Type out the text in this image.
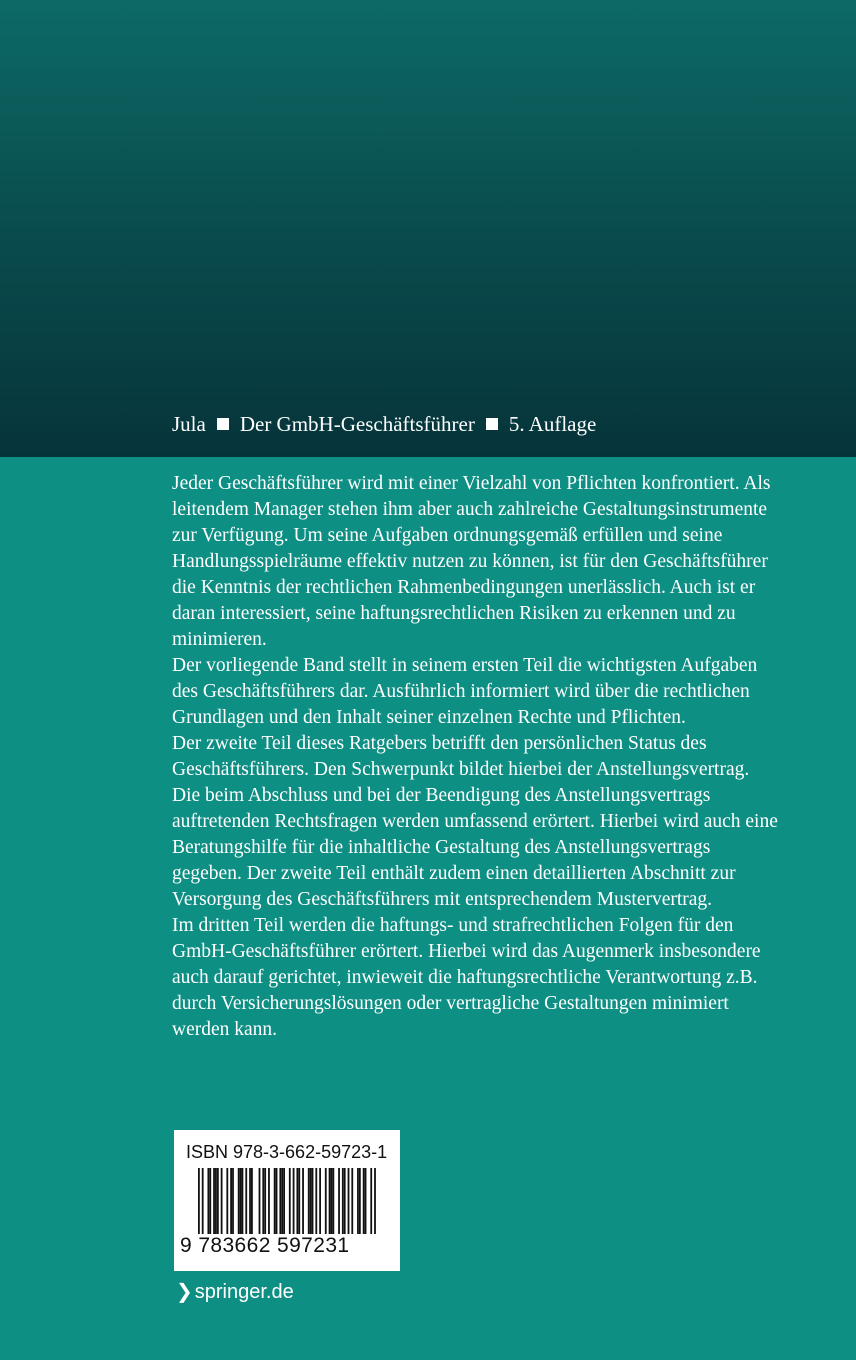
Jula Der GmbH-Geschäftsführer 5. Auflage

Jeder Geschäftsführer wird mit einer Vielzahl von Pflichten konfrontiert. Als leitendem Manager stehen ihm aber auch zahlreiche Gestaltungsinstrumente zur Verfügung. Um seine Aufgaben ordnungsgemäß erfüllen und seine Handlungsspielräume effektiv nutzen zu können, ist für den Geschäftsführer die Kenntnis der rechtlichen Rahmenbedingungen unerlässlich. Auch ist er daran interessiert, seine haftungsrechtlichen Risiken zu erkennen und zu minimieren.

Der vorliegende Band stellt in seinem ersten Teil die wichtigsten Aufgaben des Geschäftsführers dar. Ausführlich informiert wird über die rechtlichen Grundlagen und den Inhalt seiner einzelnen Rechte und Pflichten.

Der zweite Teil dieses Ratgebers betrifft den persönlichen Status des Geschäftsführers. Den Schwerpunkt bildet hierbei der Anstellungsvertrag. Die beim Abschluss und bei der Beendigung des Anstellungsvertrags auftretenden Rechtsfragen werden umfassend erörtert. Hierbei wird auch eine Beratungshilfe für die inhaltliche Gestaltung des Anstellungsvertrags gegeben. Der zweite Teil enthält zudem einen detaillierten Abschnitt zur Versorgung des Geschäftsführers mit entsprechendem Mustervertrag.

Im dritten Teil werden die haftungs- und strafrechtlichen Folgen für den GmbH-Geschäftsführer erörtert. Hierbei wird das Augenmerk insbesondere auch darauf gerichtet, inwieweit die haftungsrechtliche Verantwortung z.B. durch Versicherungslösungen oder vertragliche Gestaltungen minimiert werden kann.

ISBN 978-3-662-59723-1
9 783662 597231
❯ springer.de
